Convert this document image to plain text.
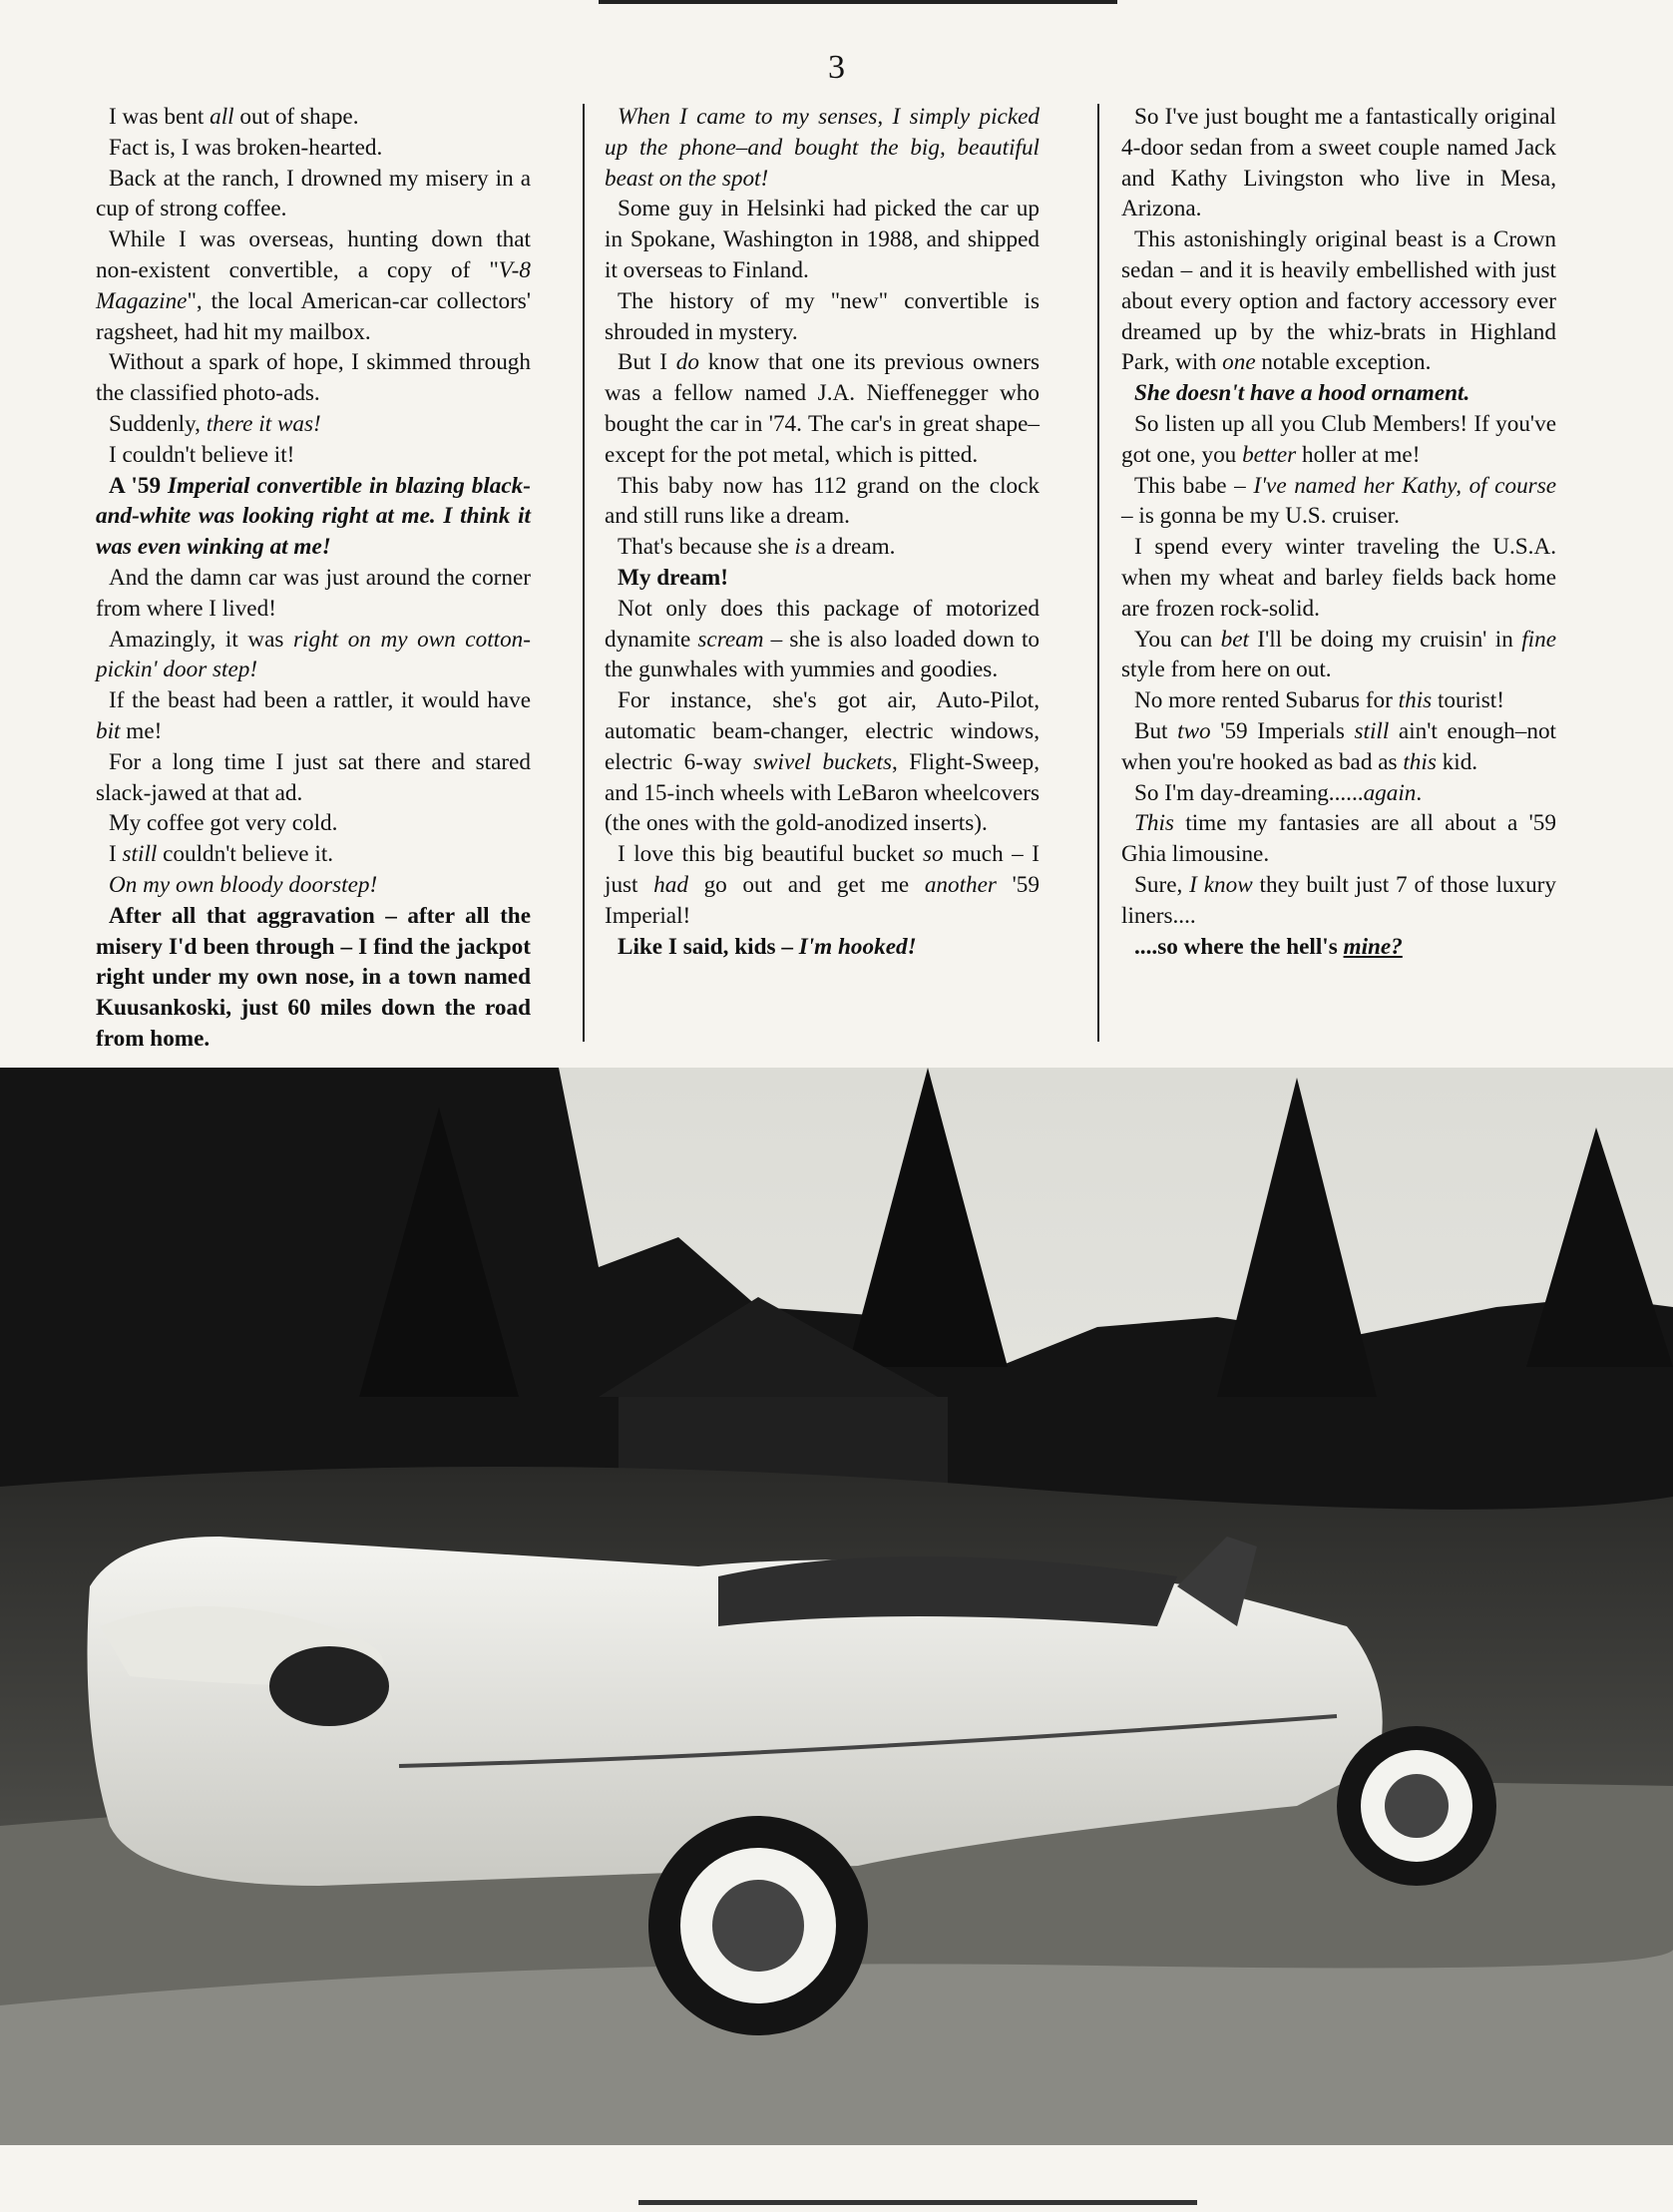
3

I was bent all out of shape.

Fact is, I was broken-hearted.

Back at the ranch, I drowned my misery in a cup of strong coffee.

While I was overseas, hunting down that non-existent convertible, a copy of "V-8 Magazine", the local American-car collectors' ragsheet, had hit my mailbox.

Without a spark of hope, I skimmed through the classified photo-ads.

Suddenly, there it was!

I couldn't believe it!

A '59 Imperial convertible in blazing black-and-white was looking right at me. I think it was even winking at me!

And the damn car was just around the corner from where I lived!

Amazingly, it was right on my own cotton-pickin' door step!

If the beast had been a rattler, it would have bit me!

For a long time I just sat there and stared slack-jawed at that ad.

My coffee got very cold.

I still couldn't believe it.

On my own bloody doorstep!

After all that aggravation – after all the misery I'd been through – I find the jackpot right under my own nose, in a town named Kuusankoski, just 60 miles down the road from home.

When I came to my senses, I simply picked up the phone–and bought the big, beautiful beast on the spot!

Some guy in Helsinki had picked the car up in Spokane, Washington in 1988, and shipped it overseas to Finland.

The history of my "new" convertible is shrouded in mystery.

But I do know that one its previous owners was a fellow named J.A. Nieffenegger who bought the car in '74. The car's in great shape–except for the pot metal, which is pitted.

This baby now has 112 grand on the clock and still runs like a dream.

That's because she is a dream.

My dream!

Not only does this package of motorized dynamite scream – she is also loaded down to the gunwhales with yummies and goodies.

For instance, she's got air, Auto-Pilot, automatic beam-changer, electric windows, electric 6-way swivel buckets, Flight-Sweep, and 15-inch wheels with LeBaron wheelcovers (the ones with the gold-anodized inserts).

I love this big beautiful bucket so much – I just had go out and get me another '59 Imperial!

Like I said, kids – I'm hooked!

So I've just bought me a fantastically original 4-door sedan from a sweet couple named Jack and Kathy Livingston who live in Mesa, Arizona.

This astonishingly original beast is a Crown sedan – and it is heavily embellished with just about every option and factory accessory ever dreamed up by the whiz-brats in Highland Park, with one notable exception.

She doesn't have a hood ornament.

So listen up all you Club Members! If you've got one, you better holler at me!

This babe – I've named her Kathy, of course – is gonna be my U.S. cruiser.

I spend every winter traveling the U.S.A. when my wheat and barley fields back home are frozen rock-solid.

You can bet I'll be doing my cruisin' in fine style from here on out.

No more rented Subarus for this tourist!

But two '59 Imperials still ain't enough–not when you're hooked as bad as this kid.

So I'm day-dreaming......again.

This time my fantasies are all about a '59 Ghia limousine.

Sure, I know they built just 7 of those luxury liners....

....so where the hell's mine?
